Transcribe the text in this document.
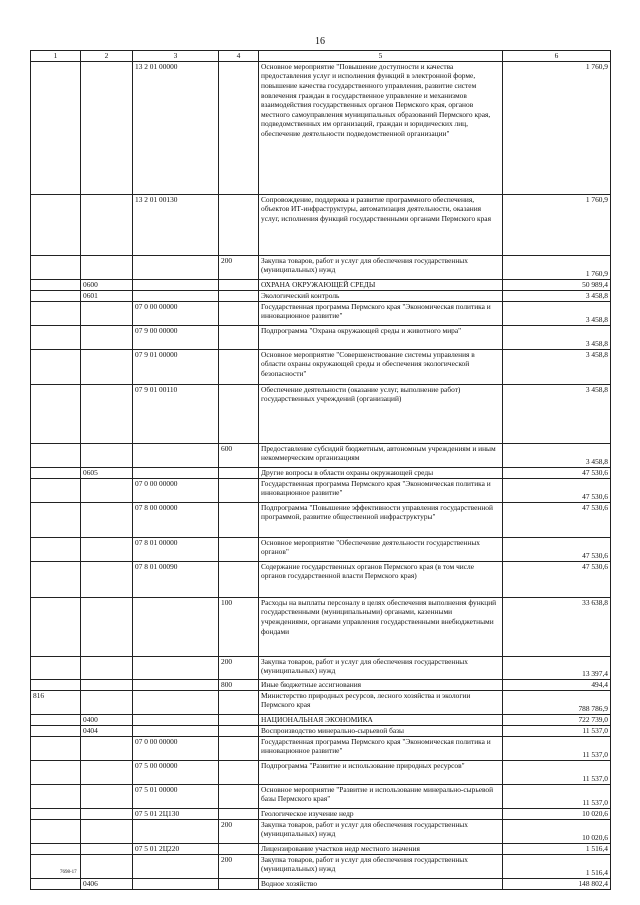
16
1	2	3	4	5	6
		13 2 01 00000		Основное мероприятие "Повышение доступности и качества предоставления услуг и исполнения функций в электронной форме, повышение качества государственного управления, развитие систем вовлечения граждан в государственное управление и механизмов взаимодействия государственных органов Пермского края, органов местного самоуправления муниципальных образований Пермского края, подведомственных им организаций, граждан и юридических лиц, обеспечение деятельности подведомственной организации"	1 760,9
		13 2 01 00130		Сопровождение, поддержка и развитие программного обеспечения, объектов ИТ-инфраструктуры, автоматизация деятельности, оказания услуг, исполнения функций государственными органами Пермского края	1 760,9
			200	Закупка товаров, работ и услуг для обеспечения государственных (муниципальных) нужд	1 760,9
	0600			ОХРАНА ОКРУЖАЮЩЕЙ СРЕДЫ	50 989,4
	0601			Экологический контроль	3 458,8
		07 0 00 00000		Государственная программа Пермского края "Экономическая политика и инновационное развитие"	3 458,8
		07 9 00 00000		Подпрограмма "Охрана окружающей среды и животного мира"	3 458,8
		07 9 01 00000		Основное мероприятие "Совершенствование системы управления в области охраны окружающей среды и обеспечения экологической безопасности"	3 458,8
		07 9 01 00110		Обеспечение деятельности (оказание услуг, выполнение работ) государственных учреждений (организаций)	3 458,8
			600	Предоставление субсидий бюджетным, автономным учреждениям и иным некоммерческим организациям	3 458,8
	0605			Другие вопросы в области охраны окружающей среды	47 530,6
		07 0 00 00000		Государственная программа Пермского края "Экономическая политика и инновационное развитие"	47 530,6
		07 8 00 00000		Подпрограмма "Повышение эффективности управления государственной программой, развитие общественной инфраструктуры"	47 530,6
		07 8 01 00000		Основное мероприятие "Обеспечение деятельности государственных органов"	47 530,6
		07 8 01 00090		Содержание государственных органов Пермского края (в том числе органов государственной власти Пермского края)	47 530,6
			100	Расходы на выплаты персоналу в целях обеспечения выполнения функций государственными (муниципальными) органами, казенными учреждениями, органами управления государственными внебюджетными фондами	33 638,8
			200	Закупка товаров, работ и услуг для обеспечения государственных (муниципальных) нужд	13 397,4
			800	Иные бюджетные ассигнования	494,4
816				Министерство природных ресурсов, лесного хозяйства и экологии Пермского края	788 786,9
	0400			НАЦИОНАЛЬНАЯ ЭКОНОМИКА	722 739,0
	0404			Воспроизводство минерально-сырьевой базы	11 537,0
		07 0 00 00000		Государственная программа Пермского края "Экономическая политика и инновационное развитие"	11 537,0
		07 5 00 00000		Подпрограмма "Развитие и использование природных ресурсов"	11 537,0
		07 5 01 00000		Основное мероприятие "Развитие и использование минерально-сырьевой базы Пермского края"	11 537,0
		07 5 01 2Ц130		Геологическое изучение недр	10 020,6
			200	Закупка товаров, работ и услуг для обеспечения государственных (муниципальных) нужд	10 020,6
		07 5 01 2Ц220		Лицензирование участков недр местного значения	1 516,4
			200	Закупка товаров, работ и услуг для обеспечения государственных (муниципальных) нужд	1 516,4
	0406			Водное хозяйство	148 802,4
7698-17
